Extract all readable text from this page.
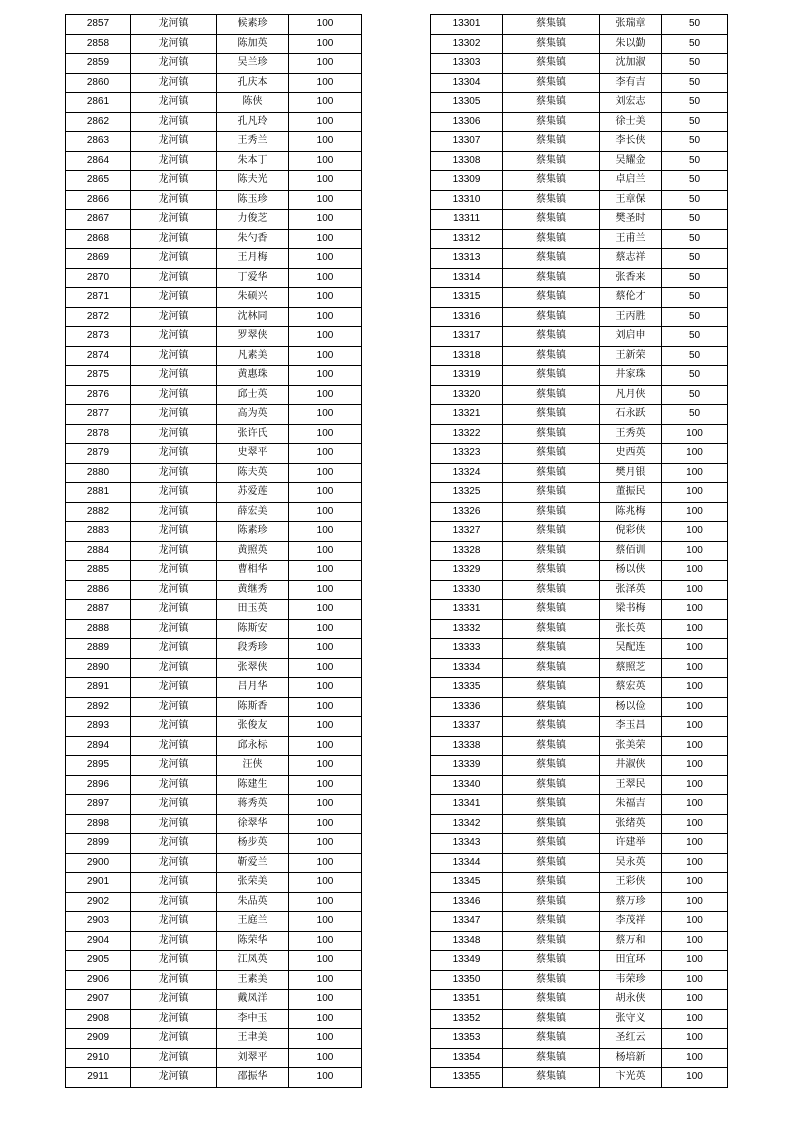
2857	龙河镇	候素珍	100
2858	龙河镇	陈加英	100
2859	龙河镇	吴兰珍	100
2860	龙河镇	孔庆本	100
2861	龙河镇	陈侠	100
2862	龙河镇	孔凡玲	100
2863	龙河镇	王秀兰	100
2864	龙河镇	朱本丁	100
2865	龙河镇	陈夫光	100
2866	龙河镇	陈玉珍	100
2867	龙河镇	力俊芝	100
2868	龙河镇	朱勺香	100
2869	龙河镇	王月梅	100
2870	龙河镇	丁爱华	100
2871	龙河镇	朱硕兴	100
2872	龙河镇	沈林同	100
2873	龙河镇	罗翠侠	100
2874	龙河镇	凡素美	100
2875	龙河镇	黄惠珠	100
2876	龙河镇	邱士英	100
2877	龙河镇	高为英	100
2878	龙河镇	张许氏	100
2879	龙河镇	史翠平	100
2880	龙河镇	陈夫英	100
2881	龙河镇	苏爱莲	100
2882	龙河镇	薛宏美	100
2883	龙河镇	陈素珍	100
2884	龙河镇	黄照英	100
2885	龙河镇	曹相华	100
2886	龙河镇	黄继秀	100
2887	龙河镇	田玉英	100
2888	龙河镇	陈斯安	100
2889	龙河镇	段秀珍	100
2890	龙河镇	张翠侠	100
2891	龙河镇	吕月华	100
2892	龙河镇	陈斯香	100
2893	龙河镇	张俊友	100
2894	龙河镇	邱永标	100
2895	龙河镇	汪侠	100
2896	龙河镇	陈建生	100
2897	龙河镇	蒋秀英	100
2898	龙河镇	徐翠华	100
2899	龙河镇	杨步英	100
2900	龙河镇	靳爱兰	100
2901	龙河镇	张荣美	100
2902	龙河镇	朱品英	100
2903	龙河镇	王庭兰	100
2904	龙河镇	陈荣华	100
2905	龙河镇	江凤英	100
2906	龙河镇	王素美	100
2907	龙河镇	戴凤洋	100
2908	龙河镇	李中玉	100
2909	龙河镇	王聿美	100
2910	龙河镇	刘翠平	100
2911	龙河镇	邵振华	100
13301	蔡集镇	张瑞章	50
13302	蔡集镇	朱以勤	50
13303	蔡集镇	沈加淑	50
13304	蔡集镇	李有吉	50
13305	蔡集镇	刘宏志	50
13306	蔡集镇	徐士美	50
13307	蔡集镇	李长侠	50
13308	蔡集镇	吴耀金	50
13309	蔡集镇	卓启兰	50
13310	蔡集镇	王章保	50
13311	蔡集镇	樊圣时	50
13312	蔡集镇	王甫兰	50
13313	蔡集镇	蔡志祥	50
13314	蔡集镇	张香来	50
13315	蔡集镇	蔡伦才	50
13316	蔡集镇	王丙胜	50
13317	蔡集镇	刘启申	50
13318	蔡集镇	王新荣	50
13319	蔡集镇	井家珠	50
13320	蔡集镇	凡月侠	50
13321	蔡集镇	石永跃	50
13322	蔡集镇	王秀英	100
13323	蔡集镇	史西英	100
13324	蔡集镇	樊月银	100
13325	蔡集镇	董振民	100
13326	蔡集镇	陈兆梅	100
13327	蔡集镇	倪彩侠	100
13328	蔡集镇	蔡佰训	100
13329	蔡集镇	杨以侠	100
13330	蔡集镇	张泽英	100
13331	蔡集镇	梁书梅	100
13332	蔡集镇	张长英	100
13333	蔡集镇	吴配连	100
13334	蔡集镇	蔡照芝	100
13335	蔡集镇	蔡宏英	100
13336	蔡集镇	杨以俭	100
13337	蔡集镇	李玉昌	100
13338	蔡集镇	张美荣	100
13339	蔡集镇	井淑侠	100
13340	蔡集镇	王翠民	100
13341	蔡集镇	朱福吉	100
13342	蔡集镇	张绪英	100
13343	蔡集镇	许建举	100
13344	蔡集镇	吴永英	100
13345	蔡集镇	王彩侠	100
13346	蔡集镇	蔡万珍	100
13347	蔡集镇	李茂祥	100
13348	蔡集镇	蔡万和	100
13349	蔡集镇	田宜环	100
13350	蔡集镇	韦荣珍	100
13351	蔡集镇	胡永侠	100
13352	蔡集镇	张守义	100
13353	蔡集镇	圣红云	100
13354	蔡集镇	杨培新	100
13355	蔡集镇	卞光英	100
